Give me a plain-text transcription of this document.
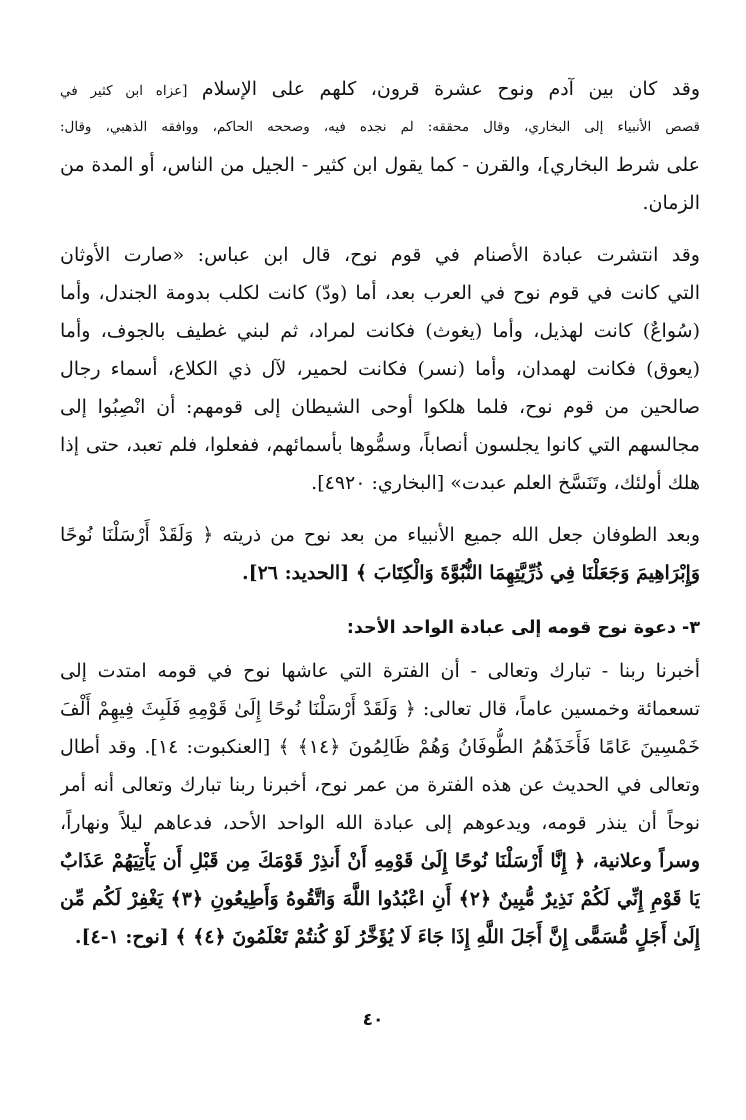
وقد كان بين آدم ونوح عشرة قرون، كلهم على الإسلام [عزاه ابن كثير في
قصص الأنبياء إلى البخاري، وقال محققه: لم نجده فيه، وصححه الحاكم، ووافقه الذهبي، وقال:
على شرط البخاري]، والقرن - كما يقول ابن كثير - الجيل من الناس، أو المدة من
الزمان.
وقد انتشرت عبادة الأصنام في قوم نوح، قال ابن عباس: «صارت الأوثان
التي كانت في قوم نوح في العرب بعد، أما (ودّ) كانت لكلب بدومة الجندل، وأما
(سُواعٌ) كانت لهذيل، وأما (يغوث) فكانت لمراد، ثم لبني غطيف بالجوف، وأما
(يعوق) فكانت لهمدان، وأما (نسر) فكانت لحمير، لآل ذي الكلاع، أسماء رجال
صالحين من قوم نوح، فلما هلكوا أوحى الشيطان إلى قومهم: أن انْصِبُوا إلى
مجالسهم التي كانوا يجلسون أنصاباً، وسمُّوها بأسمائهم، ففعلوا، فلم تعبد، حتى إذا
هلك أولئك، وتَنَسَّخ العلم عبدت» [البخاري: ٤٩٢٠].
وبعد الطوفان جعل الله جميع الأنبياء من بعد نوح من ذريته ﴿ وَلَقَدْ أَرْسَلْنَا نُوحًا
وَإِبْرَاهِيمَ وَجَعَلْنَا فِي ذُرِّيَّتِهِمَا النُّبُوَّةَ وَالْكِتَابَ ﴾ [الحديد: ٢٦].
٣- دعوة نوح قومه إلى عبادة الواحد الأحد:
أخبرنا ربنا - تبارك وتعالى - أن الفترة التي عاشها نوح في قومه امتدت إلى
تسعمائة وخمسين عاماً، قال تعالى: ﴿ وَلَقَدْ أَرْسَلْنَا نُوحًا إِلَىٰ قَوْمِهِ فَلَبِثَ فِيهِمْ أَلْفَ
خَمْسِينَ عَامًا فَأَخَذَهُمُ الطُّوفَانُ وَهُمْ ظَالِمُونَ ﴿١٤﴾ ﴾ [العنكبوت: ١٤]. وقد أطال
وتعالى في الحديث عن هذه الفترة من عمر نوح، أخبرنا ربنا تبارك وتعالى أنه أمر
نوحاً أن ينذر قومه، ويدعوهم إلى عبادة الله الواحد الأحد، فدعاهم ليلاً ونهاراً،
وسراً وعلانية، ﴿ إِنَّا أَرْسَلْنَا نُوحًا إِلَىٰ قَوْمِهِ أَنْ أَنذِرْ قَوْمَكَ مِن قَبْلِ أَن يَأْتِيَهُمْ عَذَابٌ
يَا قَوْمِ إِنِّي لَكُمْ نَذِيرٌ مُّبِينٌ ﴿٢﴾ أَنِ اعْبُدُوا اللَّهَ وَاتَّقُوهُ وَأَطِيعُونِ ﴿٣﴾ يَغْفِرْ لَكُم مِّن
إِلَىٰ أَجَلٍ مُّسَمًّى إِنَّ أَجَلَ اللَّهِ إِذَا جَاءَ لَا يُؤَخَّرُ لَوْ كُنتُمْ تَعْلَمُونَ ﴿٤﴾ ﴾ [نوح: ١-٤].
٤٠
